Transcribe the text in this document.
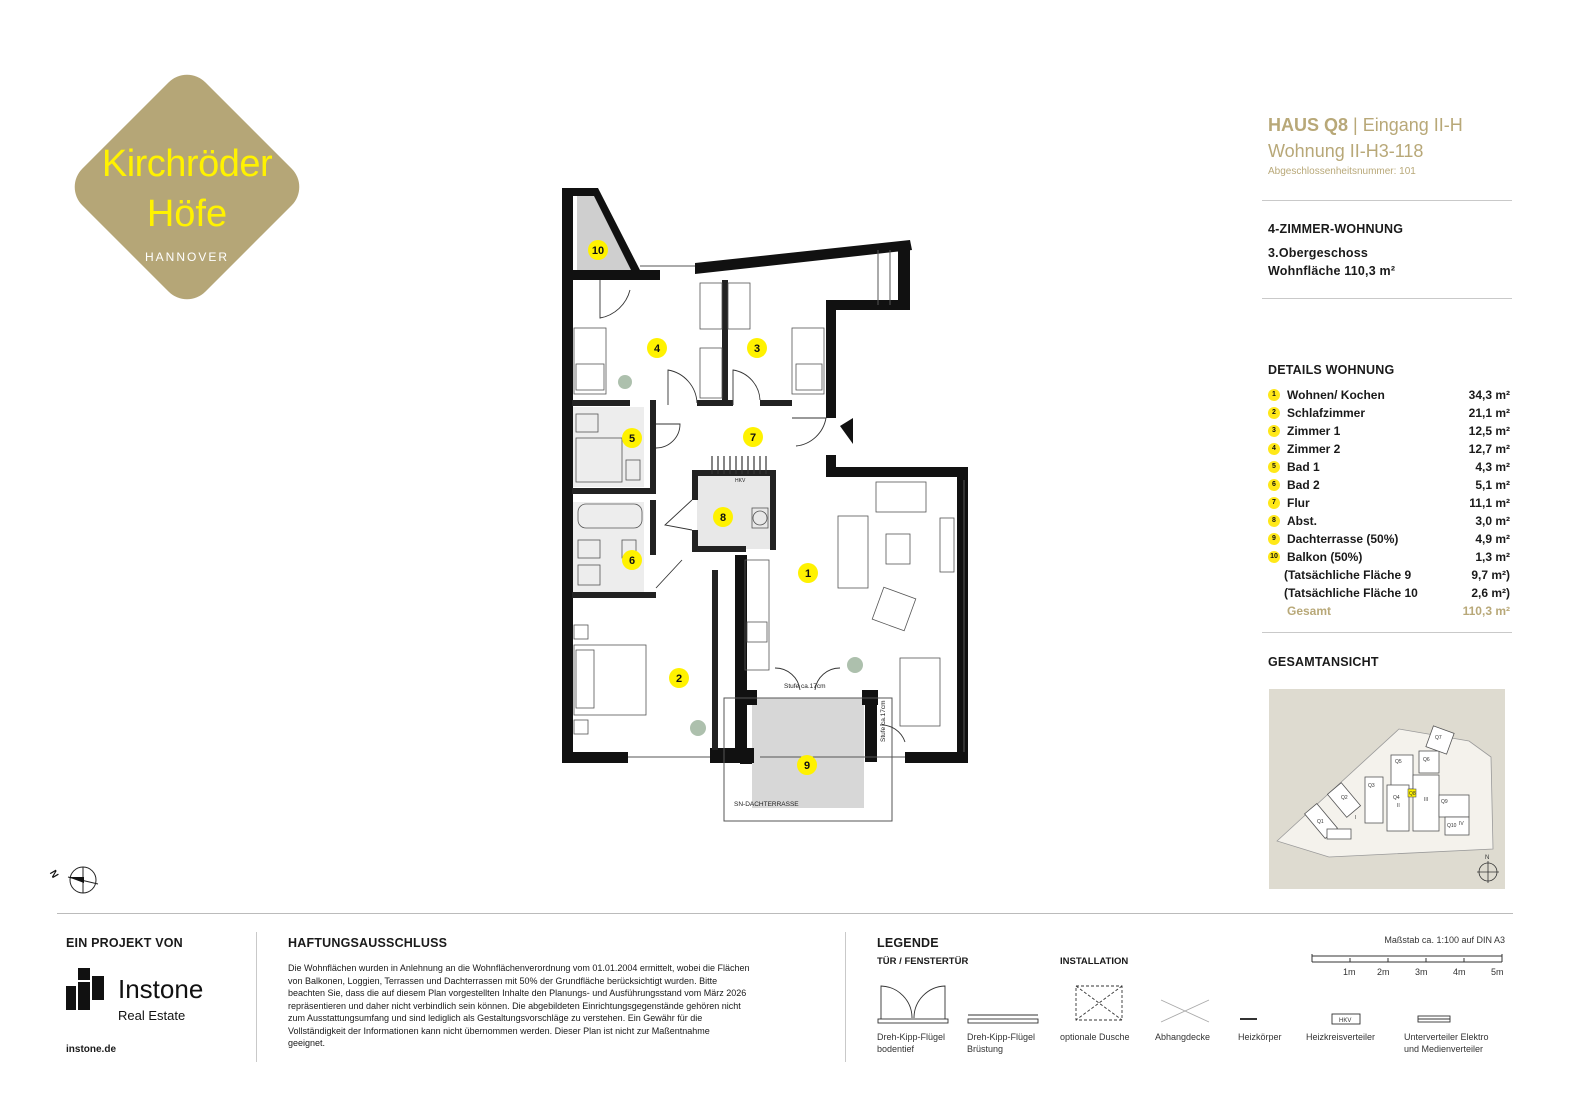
Kirchröder
Höfe
HANNOVER
HAUS Q8 | Eingang II-H
Wohnung II-H3-118
Abgeschlossenheitsnummer: 101
4-ZIMMER-WOHNUNG
3.Obergeschoss
Wohnfläche 110,3 m²
DETAILS WOHNUNG
1 Wohnen/ Kochen	34,3 m²
2 Schlafzimmer	21,1 m²
3 Zimmer 1	12,5 m²
4 Zimmer 2	12,7 m²
5 Bad 1	4,3 m²
6 Bad 2	5,1 m²
7 Flur	11,1 m²
8 Abst.	3,0 m²
9 Dachterrasse (50%)	4,9 m²
10 Balkon (50%)	1,3 m²
(Tatsächliche Fläche 9	9,7 m²)
(Tatsächliche Fläche 10	2,6 m²)
Gesamt	110,3 m²
GESAMTANSICHT
Q1
Q2
Q3
Q5	Q6
Q7
Q8
Q9
Q10
Q4
I
II
III
IV
N
Stufe ca.17cm
SN-DACHTERRASSE
HKV
Stufe ca.17cm
1
2
3
4
5
6
7
8
9
10
N
EIN PROJEKT VON
Instone
Real Estate
instone.de
HAFTUNGSAUSSCHLUSS
Die Wohnflächen wurden in Anlehnung an die Wohnflächenverordnung vom 01.01.2004 ermittelt, wobei die Flächen
von Balkonen, Loggien, Terrassen und Dachterrassen mit 50% der Grundfläche berücksichtigt wurden. Bitte
beachten Sie, dass die auf diesem Plan vorgestellten Inhalte den Planungs- und Ausführungsstand vom März 2026
repräsentieren und daher nicht verbindlich sein können. Die abgebildeten Einrichtungsgegenstände gehören nicht
zum Ausstattungsumfang und sind lediglich als Gestaltungsvorschläge zu verstehen. Ein Gewähr für die
Vollständigkeit der Informationen kann nicht übernommen werden. Dieser Plan ist nicht zur Maßentnahme
geeignet.
LEGENDE
TÜR / FENSTERTÜR	INSTALLATION
HKV
Dreh-Kipp-Flügel
bodentief
Dreh-Kipp-Flügel
Brüstung
optionale Dusche	Abhangdecke	Heizkörper	Heizkreisverteiler	Unterverteiler Elektro
und Medienverteiler
Maßstab ca. 1:100 auf DIN A3
1m 2m	3m	4m	5m
